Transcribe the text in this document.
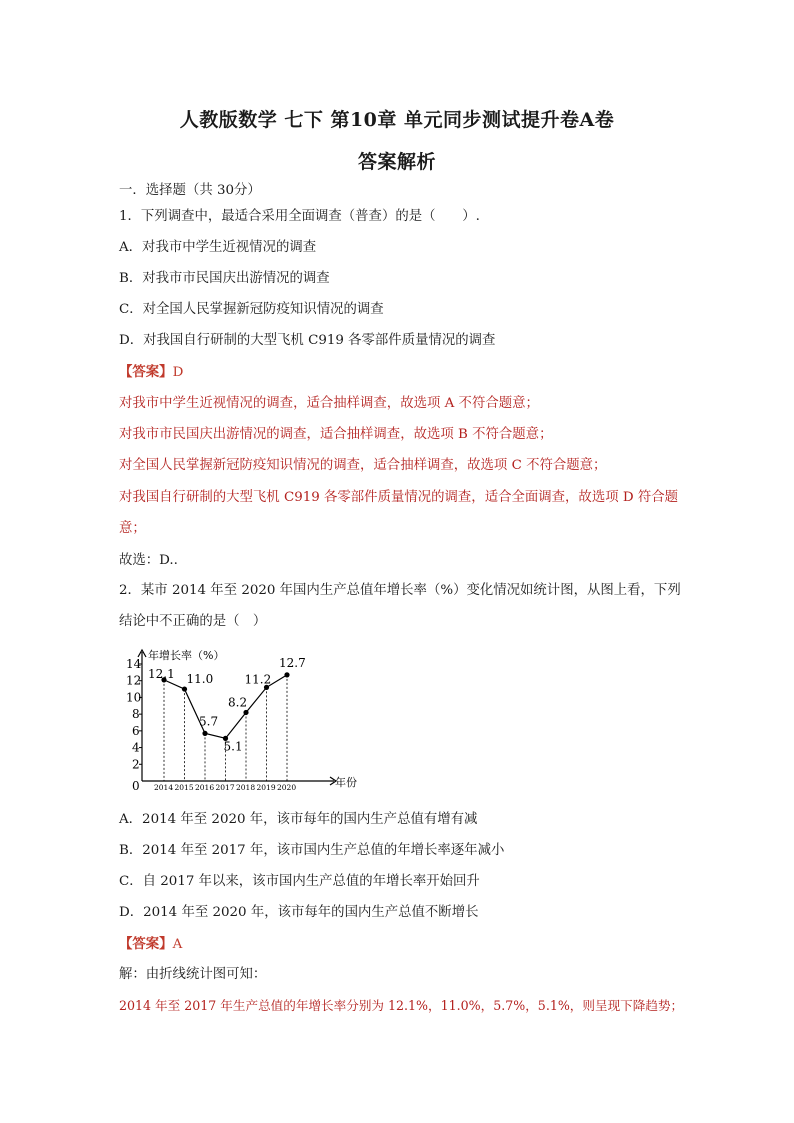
人教版数学 七下 第10章 单元同步测试提升卷A卷
答案解析
一．选择题（共 30分）
1．下列调查中，最适合采用全面调查（普查）的是（　　）.
A．对我市中学生近视情况的调查
B．对我市市民国庆出游情况的调查
C．对全国人民掌握新冠防疫知识情况的调查
D．对我国自行研制的大型飞机 C919 各零部件质量情况的调查
【答案】D
对我市中学生近视情况的调查，适合抽样调查，故选项 A 不符合题意；
对我市市民国庆出游情况的调查，适合抽样调查，故选项 B 不符合题意；
对全国人民掌握新冠防疫知识情况的调查，适合抽样调查，故选项 C 不符合题意；
对我国自行研制的大型飞机 C919 各零部件质量情况的调查，适合全面调查，故选项 D 符合题意；
故选：D..
2．某市 2014 年至 2020 年国内生产总值年增长率（%）变化情况如统计图，从图上看，下列
结论中不正确的是（　）
0
2
4
6
8
10
12
14
年增长率（%）
年份
2014 2015 2016 2017 2018 2019 2020
12.1 11.0
5.7
5.1
8.2
11.2
12.7
A．2014 年至 2020 年，该市每年的国内生产总值有增有减
B．2014 年至 2017 年，该市国内生产总值的年增长率逐年减小
C．自 2017 年以来，该市国内生产总值的年增长率开始回升
D．2014 年至 2020 年，该市每年的国内生产总值不断增长
【答案】A
解：由折线统计图可知：
2014 年至 2017 年生产总值的年增长率分别为 12.1%，11.0%，5.7%，5.1%，则呈现下降趋势；
